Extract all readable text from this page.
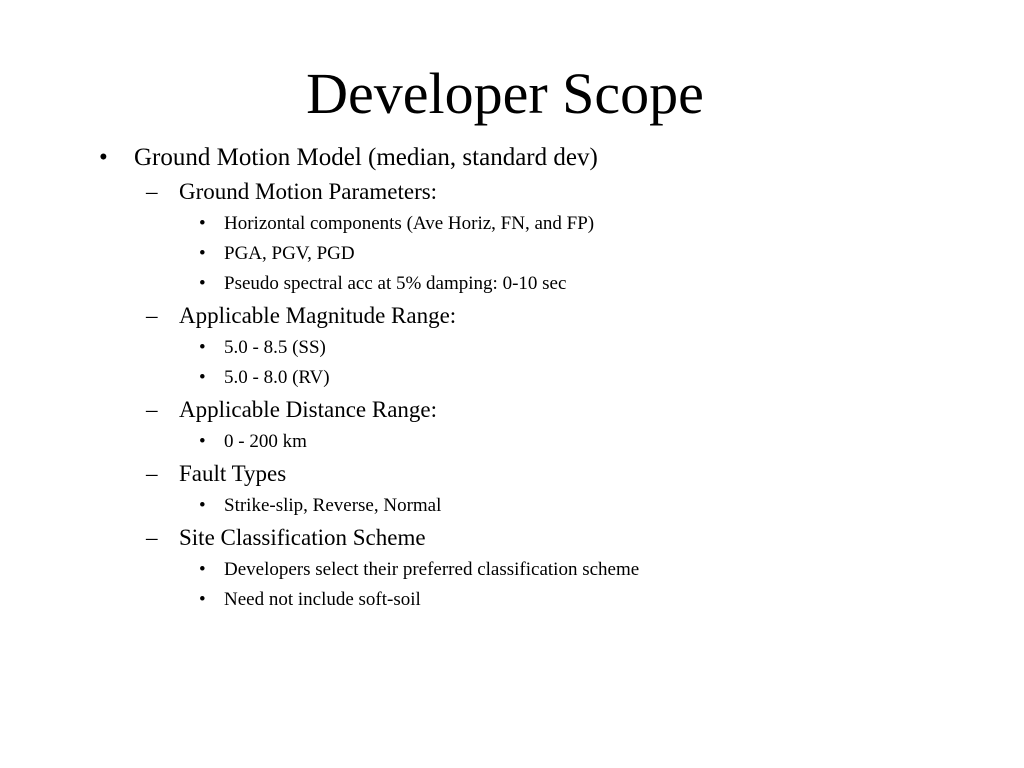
Developer Scope
• Ground Motion Model (median, standard dev)
– Ground Motion Parameters:
• Horizontal components (Ave Horiz, FN, and FP)
• PGA, PGV, PGD
• Pseudo spectral acc at 5% damping: 0-10 sec
– Applicable Magnitude Range:
• 5.0 - 8.5 (SS)
• 5.0 - 8.0 (RV)
– Applicable Distance Range:
• 0 - 200 km
– Fault Types
• Strike-slip, Reverse, Normal
– Site Classification Scheme
• Developers select their preferred classification scheme
• Need not include soft-soil
